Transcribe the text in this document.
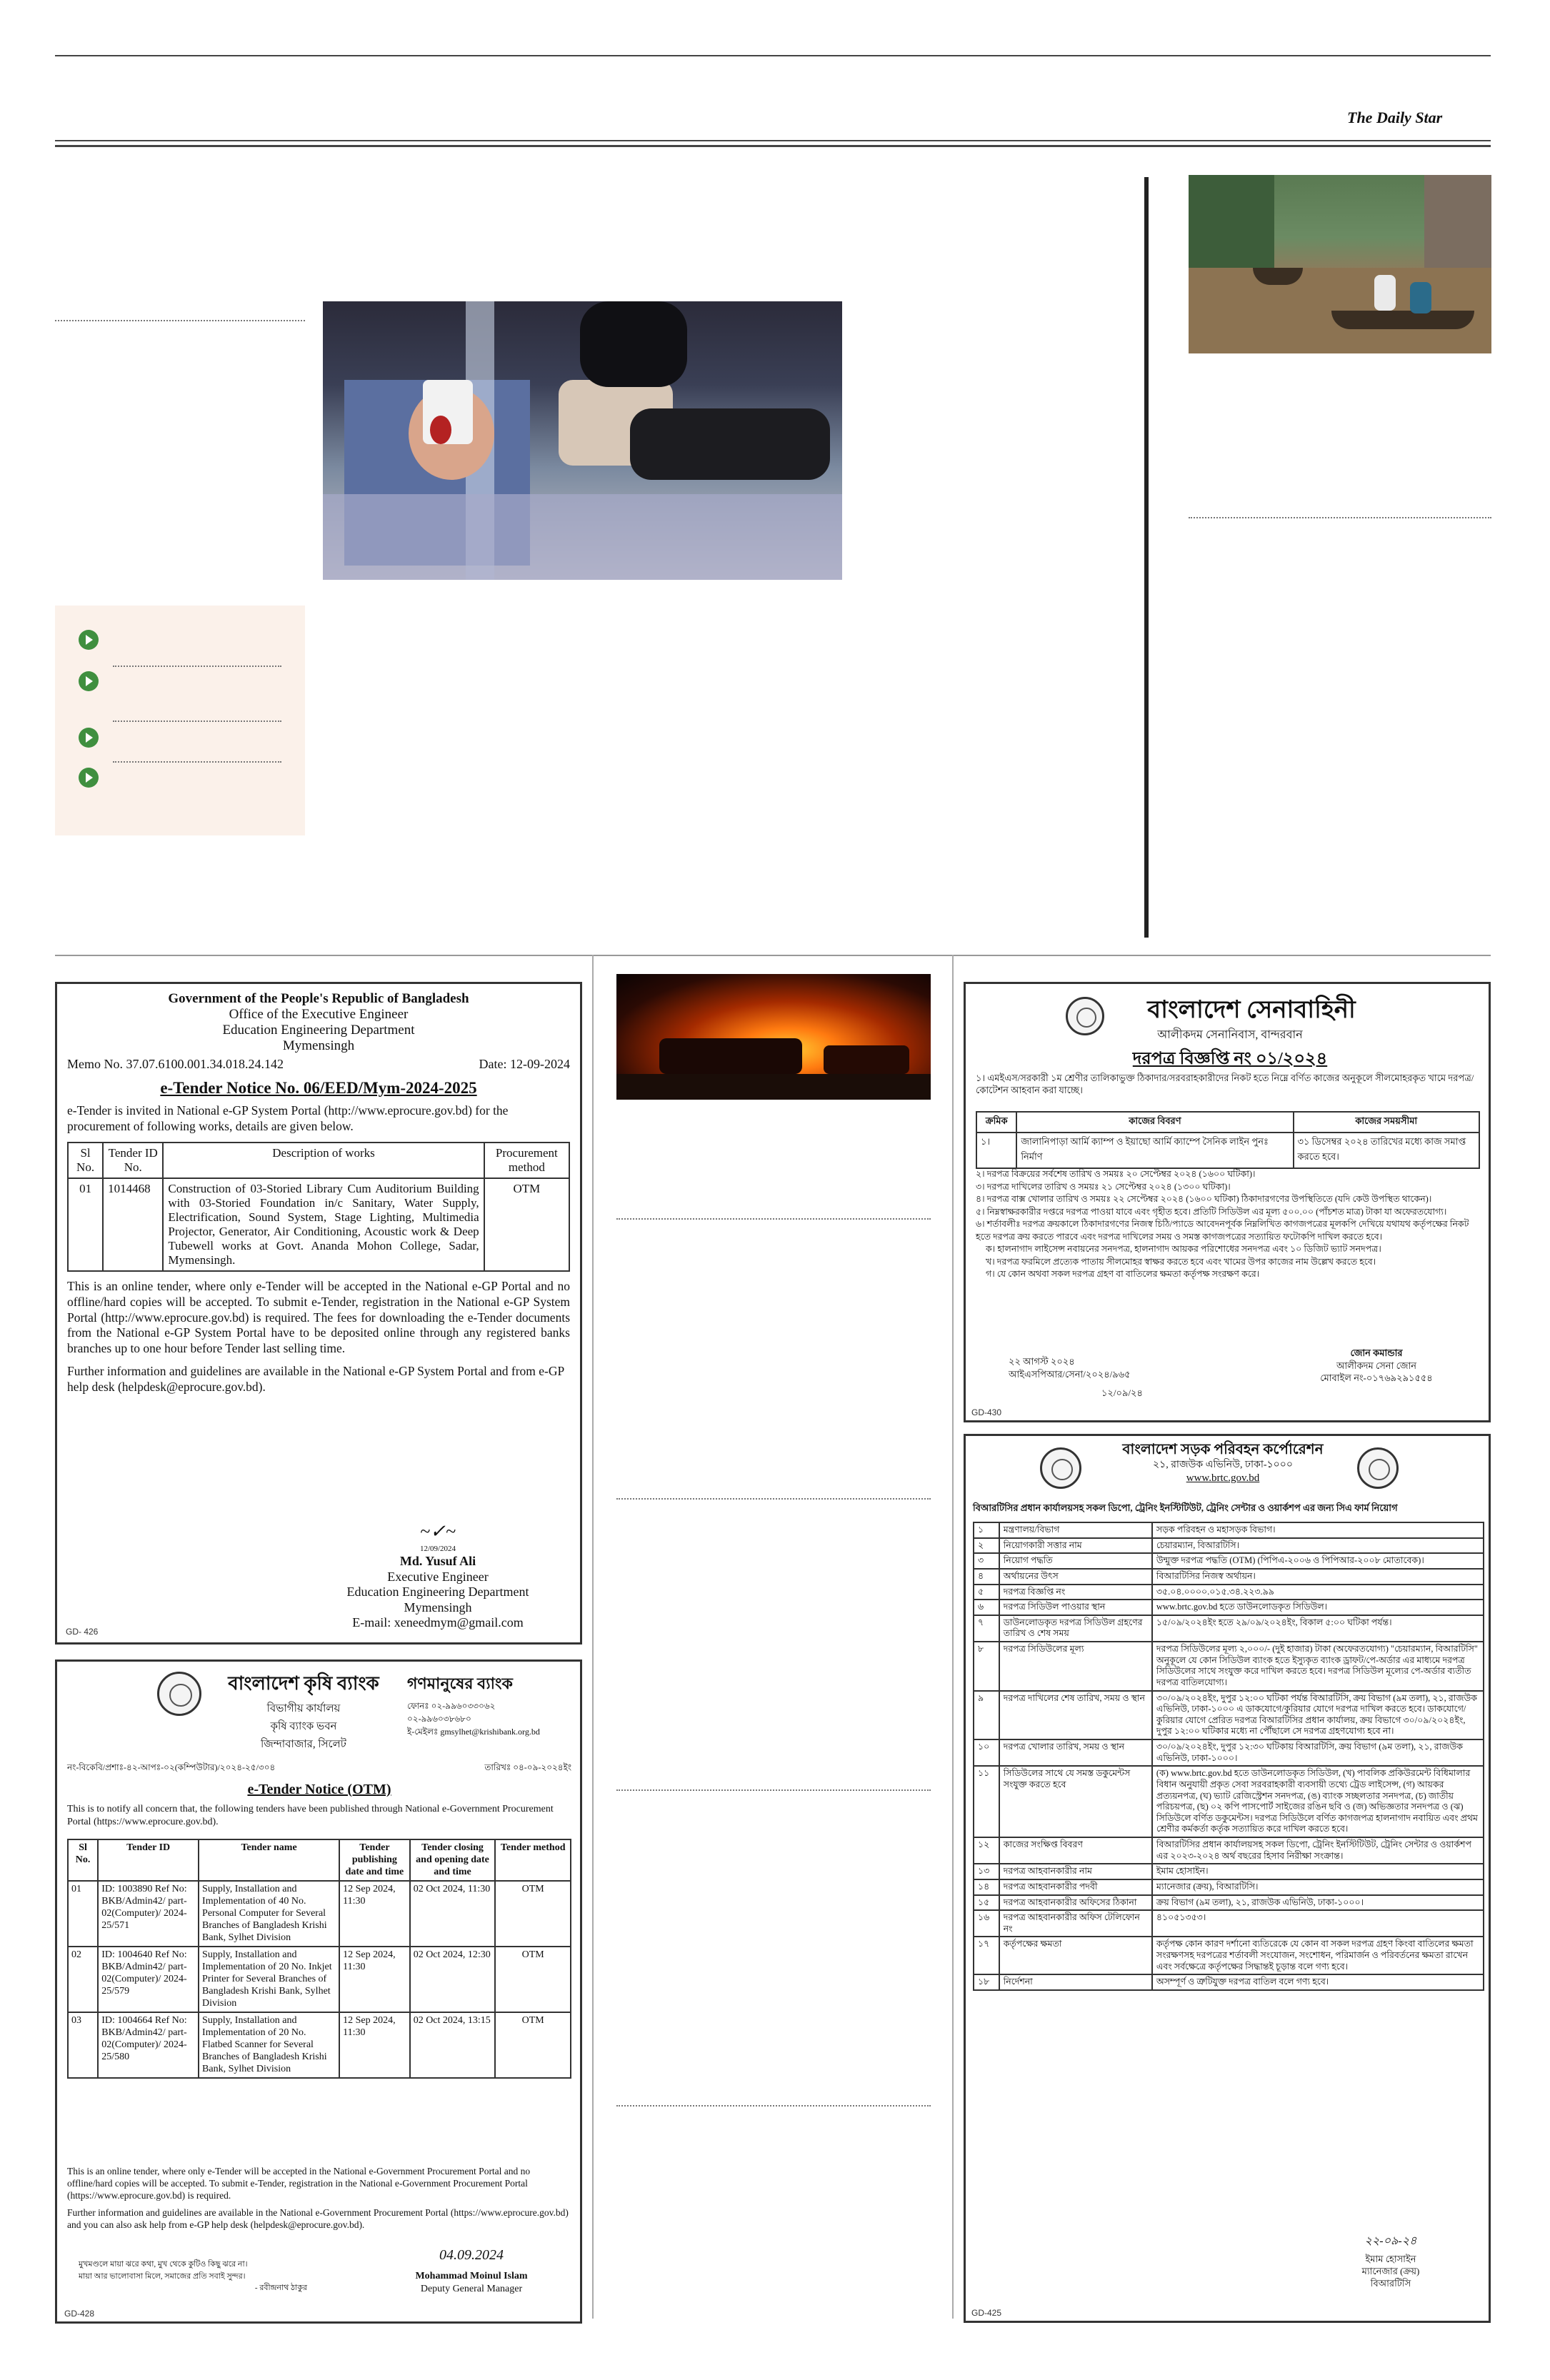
The Daily Star
Government of the People's Republic of Bangladesh
Office of the Executive Engineer
Education Engineering Department
Mymensingh
Memo No. 37.07.6100.001.34.018.24.142	Date: 12-09-2024
e-Tender Notice No. 06/EED/Mym-2024-2025
e-Tender is invited in National e-GP System Portal (http://www.eprocure.gov.bd) for the procurement of following works, details are given below.
Sl No.	Tender ID No.	Description of works	Procurement method
01	1014468	Construction of 03-Storied Library Cum Auditorium Building with 03-Storied Foundation in/c Sanitary, Water Supply, Electrification, Sound System, Stage Lighting, Multimedia Projector, Generator, Air Conditioning, Acoustic work & Deep Tubewell works at Govt. Ananda Mohon College, Sadar, Mymensingh.	OTM
This is an online tender, where only e-Tender will be accepted in the National e-GP Portal and no offline/hard copies will be accepted. To submit e-Tender, registration in the National e-GP System Portal (http://www.eprocure.gov.bd) is required. The fees for downloading the e-Tender documents from the National e-GP System Portal have to be deposited online through any registered banks branches up to one hour before Tender last selling time.
Further information and guidelines are available in the National e-GP System Portal and from e-GP help desk (helpdesk@eprocure.gov.bd).
~✓~
12/09/2024
Md. Yusuf Ali
Executive Engineer
Education Engineering Department
Mymensingh
E-mail: xeneedmym@gmail.com
GD- 426
বাংলাদেশ কৃষি ব্যাংক
বিভাগীয় কার্যালয়
কৃষি ব্যাংক ভবন
জিন্দাবাজার, সিলেট
গণমানুষের ব্যাংক
ফোনঃ ০২-৯৯৬০৩৩০৬২
০২-৯৯৬০৩৮৬৮০
ই-মেইলঃ gmsylhet@krishibank.org.bd
নং-বিকেবি/প্রশাঃ-৪২-আপঃ-০২(কম্পিউটার)/২০২৪-২৫/৩০৪	তারিখঃ ০৪-০৯-২০২৪ইং
e-Tender Notice (OTM)
This is to notify all concern that, the following tenders have been published through National e-Government Procurement Portal (https://www.eprocure.gov.bd).
Sl No.	Tender ID	Tender name	Tender publishing date and time	Tender closing and opening date and time	Tender method
01	ID: 1003890 Ref No: BKB/Admin42/ part-02(Computer)/ 2024-25/571	Supply, Installation and Implementation of 40 No. Personal Computer for Several Branches of Bangladesh Krishi Bank, Sylhet Division	12 Sep 2024, 11:30	02 Oct 2024, 11:30	OTM
02	ID: 1004640 Ref No: BKB/Admin42/ part-02(Computer)/ 2024-25/579	Supply, Installation and Implementation of 20 No. Inkjet Printer for Several Branches of Bangladesh Krishi Bank, Sylhet Division	12 Sep 2024, 11:30	02 Oct 2024, 12:30	OTM
03	ID: 1004664 Ref No: BKB/Admin42/ part-02(Computer)/ 2024-25/580	Supply, Installation and Implementation of 20 No. Flatbed Scanner for Several Branches of Bangladesh Krishi Bank, Sylhet Division	12 Sep 2024, 11:30	02 Oct 2024, 13:15	OTM
This is an online tender, where only e-Tender will be accepted in the National e-Government Procurement Portal and no offline/hard copies will be accepted. To submit e-Tender, registration in the National e-Government Procurement Portal (https://www.eprocure.gov.bd) is required.
Further information and guidelines are available in the National e-Government Procurement Portal (https://www.eprocure.gov.bd) and you can also ask help from e-GP help desk (helpdesk@eprocure.gov.bd).
মুখমণ্ডলে মায়া ঝরে কথা, মুখ থেকে কুটিও কিছু ঝরে না।
মায়া আর ভালোবাসা মিলে, সমাজের প্রতি সবাই সুন্দর।
- রবীন্দ্রনাথ ঠাকুর
04.09.2024
Mohammad Moinul Islam
Deputy General Manager
GD-428
বাংলাদেশ সেনাবাহিনী
আলীকদম সেনানিবাস, বান্দরবান
দরপত্র বিজ্ঞপ্তি নং ০১/২০২৪
১। এমইএস/সরকারী ১ম শ্রেণীর তালিকাভুক্ত ঠিকাদার/সরবরাহকারীদের নিকট হতে নিম্নে বর্ণিত কাজের অনুকূলে সীলমোহরকৃত খামে দরপত্র/কোটেশন আহবান করা যাচ্ছে।
ক্রমিক	কাজের বিবরণ	কাজের সময়সীমা
১।	জালানিপাড়া আর্মি ক্যাম্প ও ইয়াছো আর্মি ক্যাম্পে সৈনিক লাইন পুনঃ নির্মাণ	৩১ ডিসেম্বর ২০২৪ তারিখের মধ্যে কাজ সমাপ্ত করতে হবে।
২। দরপত্র বিক্রয়ের সর্বশেষ তারিখ ও সময়ঃ ২০ সেপ্টেম্বর ২০২৪ (১৬০০ ঘটিকা)।
৩। দরপত্র দাখিলের তারিখ ও সময়ঃ ২১ সেপ্টেম্বর ২০২৪ (১৩০০ ঘটিকা)।
৪। দরপত্র বাক্স খোলার তারিখ ও সময়ঃ ২২ সেপ্টেম্বর ২০২৪ (১৬০০ ঘটিকা) ঠিকাদারগণের উপস্থিতিতে (যদি কেউ উপস্থিত থাকেন)।
৫। নিম্নস্বাক্ষরকারীর দপ্তরে দরপত্র পাওয়া যাবে এবং গৃহীত হবে। প্রতিটি সিডিউল এর মূল্য ৫০০.০০ (পাঁচশত মাত্র) টাকা যা অফেরতযোগ্য।
৬। শর্তাবলীঃ দরপত্র ক্রয়কালে ঠিকাদারগণের নিজস্ব চিঠি/প্যাডে আবেদনপূর্বক নিম্নলিখিত কাগজপত্রের মূলকপি দেখিয়ে যথাযথ কর্তৃপক্ষের নিকট হতে দরপত্র ক্রয় করতে পারবে এবং দরপত্র দাখিলের সময় ও সমস্ত কাগজপত্রের সত্যায়িত ফটোকপি দাখিল করতে হবে।
ক। হালনাগাদ লাইসেন্স নবায়নের সনদপত্র, হালনাগাদ আয়কর পরিশোধের সনদপত্র এবং ১০ ডিজিট ভ্যাট সনদপত্র।
খ। দরপত্র ফরমিলে প্রত্যেক পাতায় সীলমোহর স্বাক্ষর করতে হবে এবং খামের উপর কাজের নাম উল্লেখ করতে হবে।
গ। যে কোন অথবা সকল দরপত্র গ্রহণ বা বাতিলের ক্ষমতা কর্তৃপক্ষ সংরক্ষণ করে।
২২ আগস্ট ২০২৪
আইএসপিআর/সেনা/২০২৪/৯৬৫
১২/০৯/২৪
জোন কমান্ডার
আলীকদম সেনা জোন
মোবাইল নং-০১৭৬৯২৯১৫৫৪
GD-430
বাংলাদেশ সড়ক পরিবহন কর্পোরেশন
২১, রাজউক এভিনিউ, ঢাকা-১০০০
www.brtc.gov.bd
বিআরটিসির প্রধান কার্যালয়সহ সকল ডিপো, ট্রেনিং ইনস্টিটিউট, ট্রেনিং সেন্টার ও ওয়ার্কশপ এর জন্য সিএ ফার্ম নিয়োগ
১	মন্ত্রণালয়/বিভাগ	সড়ক পরিবহন ও মহাসড়ক বিভাগ।
২	নিয়োগকারী সত্তার নাম	চেয়ারম্যান, বিআরটিসি।
৩	নিয়োগ পদ্ধতি	উন্মুক্ত দরপত্র পদ্ধতি (OTM) (পিপিএ-২০০৬ ও পিপিআর-২০০৮ মোতাবেক)।
৪	অর্থায়নের উৎস	বিআরটিসির নিজস্ব অর্থায়ন।
৫	দরপত্র বিজ্ঞপ্তি নং	৩৫.০৪.০০০০.০১৫.৩৪.২২৩.৯৯
৬	দরপত্র সিডিউল পাওয়ার স্থান	www.brtc.gov.bd হতে ডাউনলোডকৃত সিডিউল।
৭	ডাউনলোডকৃত দরপত্র সিডিউল গ্রহণের তারিখ ও শেষ সময়	১৫/০৯/২০২৪ইং হতে ২৯/০৯/২০২৪ইং, বিকাল ৫:০০ ঘটিকা পর্যন্ত।
৮	দরপত্র সিডিউলের মূল্য	দরপত্র সিডিউলের মূল্য ২,০০০/- (দুই হাজার) টাকা (অফেরতযোগ্য) "চেয়ারম্যান, বিআরটিসি" অনুকূলে যে কোন সিডিউল ব্যাংক হতে ইস্যুকৃত ব্যাংক ড্রাফট/পে-অর্ডার এর মাধ্যমে দরপত্র সিডিউলের সাথে সংযুক্ত করে দাখিল করতে হবে। দরপত্র সিডিউল মূল্যের পে-অর্ডার ব্যতীত দরপত্র বাতিলযোগ্য।
৯	দরপত্র দাখিলের শেষ তারিখ, সময় ও স্থান	৩০/০৯/২০২৪ইং, দুপুর ১২:০০ ঘটিকা পর্যন্ত বিআরটিসি, ক্রয় বিভাগ (৯ম তলা), ২১, রাজউক এভিনিউ, ঢাকা-১০০০ এ ডাকযোগে/কুরিয়ার যোগে দরপত্র দাখিল করতে হবে। ডাকযোগে/কুরিয়ার যোগে প্রেরিত দরপত্র বিআরটিসির প্রধান কার্যালয়, ক্রয় বিভাগে ৩০/০৯/২০২৪ইং, দুপুর ১২:০০ ঘটিকার মধ্যে না পৌঁছালে সে দরপত্র গ্রহণযোগ্য হবে না।
১০	দরপত্র খোলার তারিখ, সময় ও স্থান	৩০/০৯/২০২৪ইং, দুপুর ১২:৩০ ঘটিকায় বিআরটিসি, ক্রয় বিভাগ (৯ম তলা), ২১, রাজউক এভিনিউ, ঢাকা-১০০০।
১১	সিডিউলের সাথে যে সমস্ত ডকুমেন্টস সংযুক্ত করতে হবে	(ক) www.brtc.gov.bd হতে ডাউনলোডকৃত সিডিউল, (খ) পাবলিক প্রকিউরমেন্ট বিধিমালার বিধান অনুযায়ী প্রকৃত সেবা সরবরাহকারী ব্যবসায়ী তথ্যে ট্রেড লাইসেন্স, (গ) আয়কর প্রত্যয়নপত্র, (ঘ) ভ্যাট রেজিস্ট্রেশন সনদপত্র, (ঙ) ব্যাংক সচ্ছলতার সনদপত্র, (চ) জাতীয় পরিচয়পত্র, (ছ) ০২ কপি পাসপোর্ট সাইজের রঙিন ছবি ও (জ) অভিজ্ঞতার সনদপত্র ও (ঝ) সিডিউলে বর্ণিত ডকুমেন্টস। দরপত্র সিডিউলে বর্ণিত কাগজপত্র হালনাগাদ নবায়িত এবং প্রথম শ্রেণীর কর্মকর্তা কর্তৃক সত্যায়িত করে দাখিল করতে হবে।
১২	কাজের সংক্ষিপ্ত বিবরণ	বিআরটিসির প্রধান কার্যালয়সহ সকল ডিপো, ট্রেনিং ইনস্টিটিউট, ট্রেনিং সেন্টার ও ওয়ার্কশপ এর ২০২৩-২০২৪ অর্থ বছরের হিসাব নিরীক্ষা সংক্রান্ত।
১৩	দরপত্র আহবানকারীর নাম	ইমাম হোসাইন।
১৪	দরপত্র আহবানকারীর পদবী	ম্যানেজার (ক্রয়), বিআরটিসি।
১৫	দরপত্র আহবানকারীর অফিসের ঠিকানা	ক্রয় বিভাগ (৯ম তলা), ২১, রাজউক এভিনিউ, ঢাকা-১০০০।
১৬	দরপত্র আহবানকারীর অফিস টেলিফোন নং	৪১০৫১৩৫৩।
১৭	কর্তৃপক্ষের ক্ষমতা	কর্তৃপক্ষ কোন কারণ দর্শানো ব্যতিরেকে যে কোন বা সকল দরপত্র গ্রহণ কিংবা বাতিলের ক্ষমতা সংরক্ষণসহ দরপত্রের শর্তাবলী সংযোজন, সংশোধন, পরিমার্জন ও পরিবর্তনের ক্ষমতা রাখেন এবং সর্বক্ষেত্রে কর্তৃপক্ষের সিদ্ধান্তই চূড়ান্ত বলে গণ্য হবে।
১৮	নির্দেশনা	অসম্পূর্ণ ও ত্রুটিযুক্ত দরপত্র বাতিল বলে গণ্য হবে।
২২-০৯-২৪
ইমাম হোসাইন
ম্যানেজার (ক্রয়)
বিআরটিসি
GD-425
